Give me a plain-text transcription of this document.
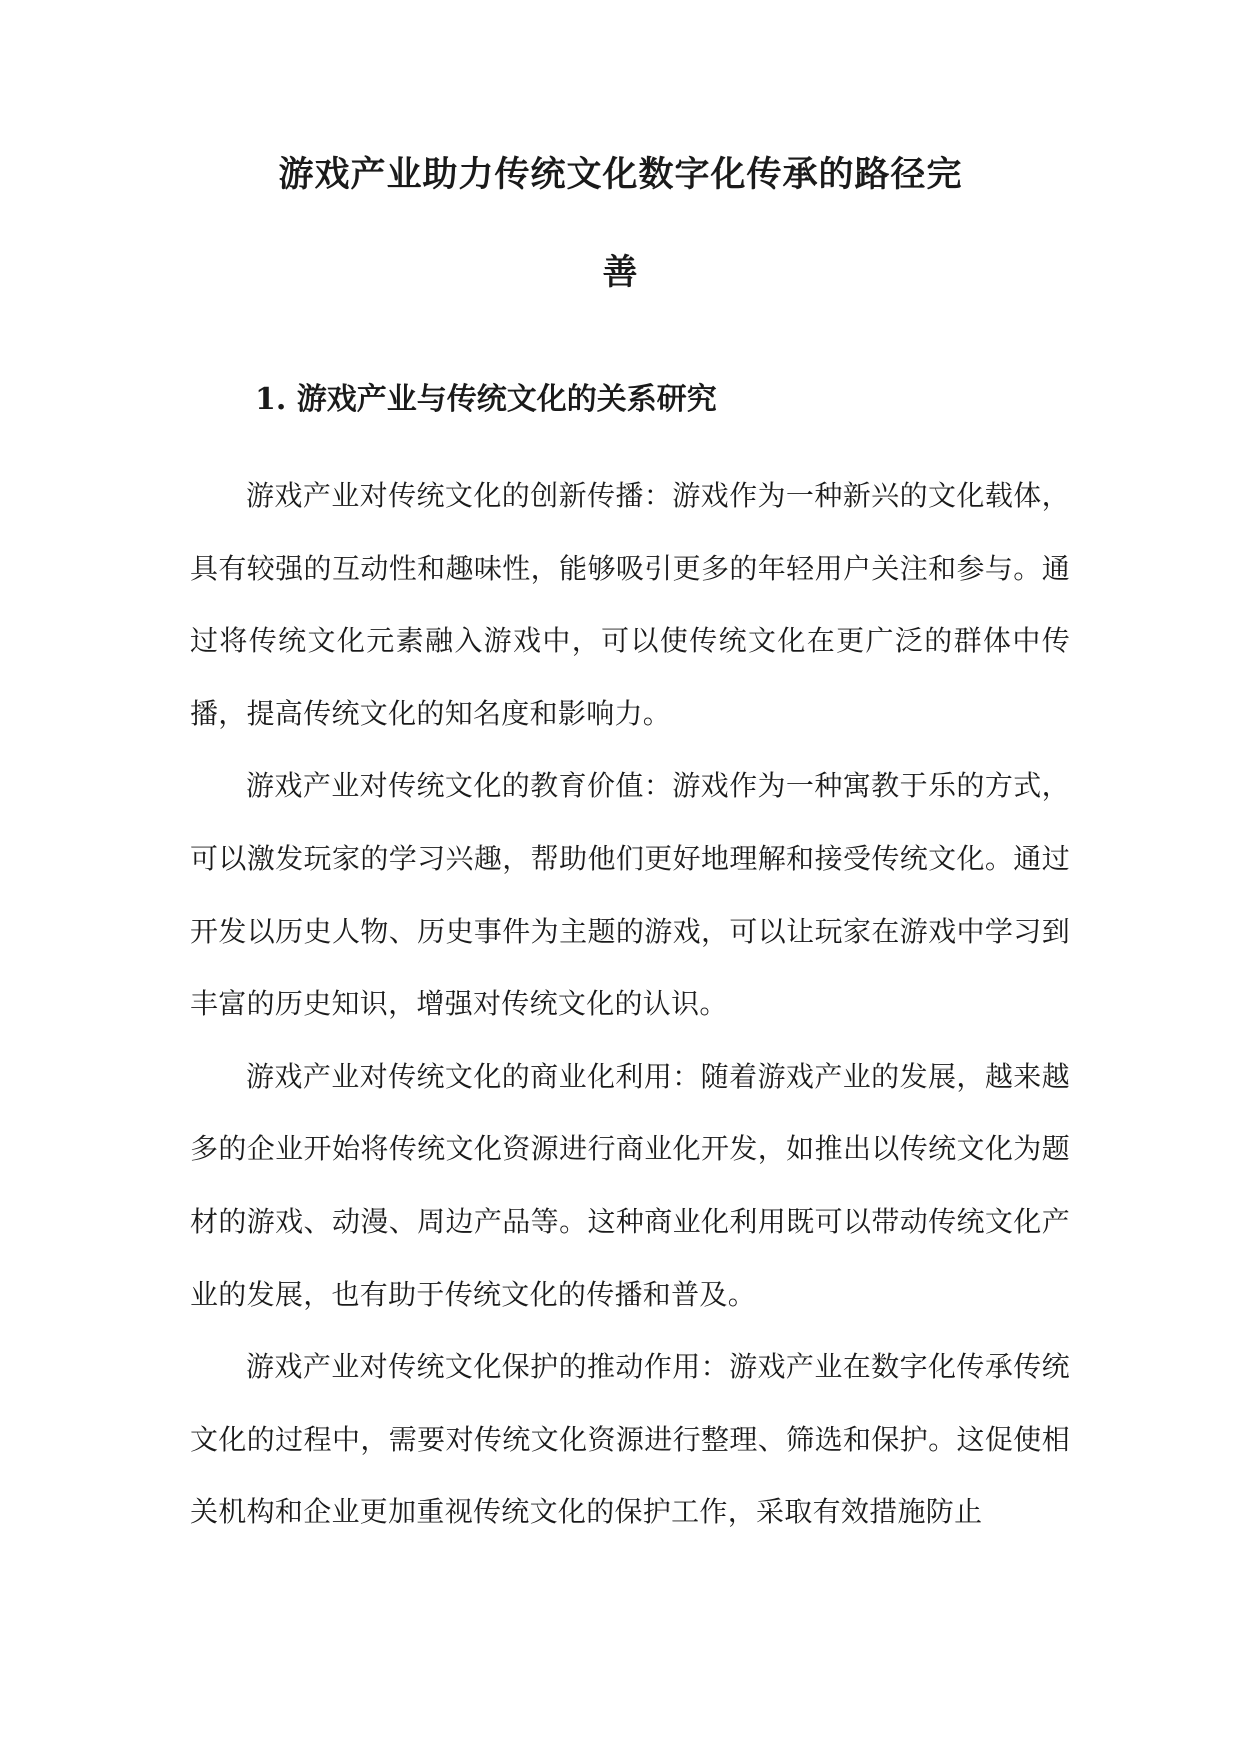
游戏产业助力传统文化数字化传承的路径完
善
1. 游戏产业与传统文化的关系研究

游戏产业对传统文化的创新传播：游戏作为一种新兴的文化载体，具有较强的互动性和趣味性，能够吸引更多的年轻用户关注和参与。通过将传统文化元素融入游戏中，可以使传统文化在更广泛的群体中传播，提高传统文化的知名度和影响力。

游戏产业对传统文化的教育价值：游戏作为一种寓教于乐的方式，可以激发玩家的学习兴趣，帮助他们更好地理解和接受传统文化。通过开发以历史人物、历史事件为主题的游戏，可以让玩家在游戏中学习到丰富的历史知识，增强对传统文化的认识。

游戏产业对传统文化的商业化利用：随着游戏产业的发展，越来越多的企业开始将传统文化资源进行商业化开发，如推出以传统文化为题材的游戏、动漫、周边产品等。这种商业化利用既可以带动传统文化产业的发展，也有助于传统文化的传播和普及。

游戏产业对传统文化保护的推动作用：游戏产业在数字化传承传统文化的过程中，需要对传统文化资源进行整理、筛选和保护。这促使相关机构和企业更加重视传统文化的保护工作，采取有效措施防止
